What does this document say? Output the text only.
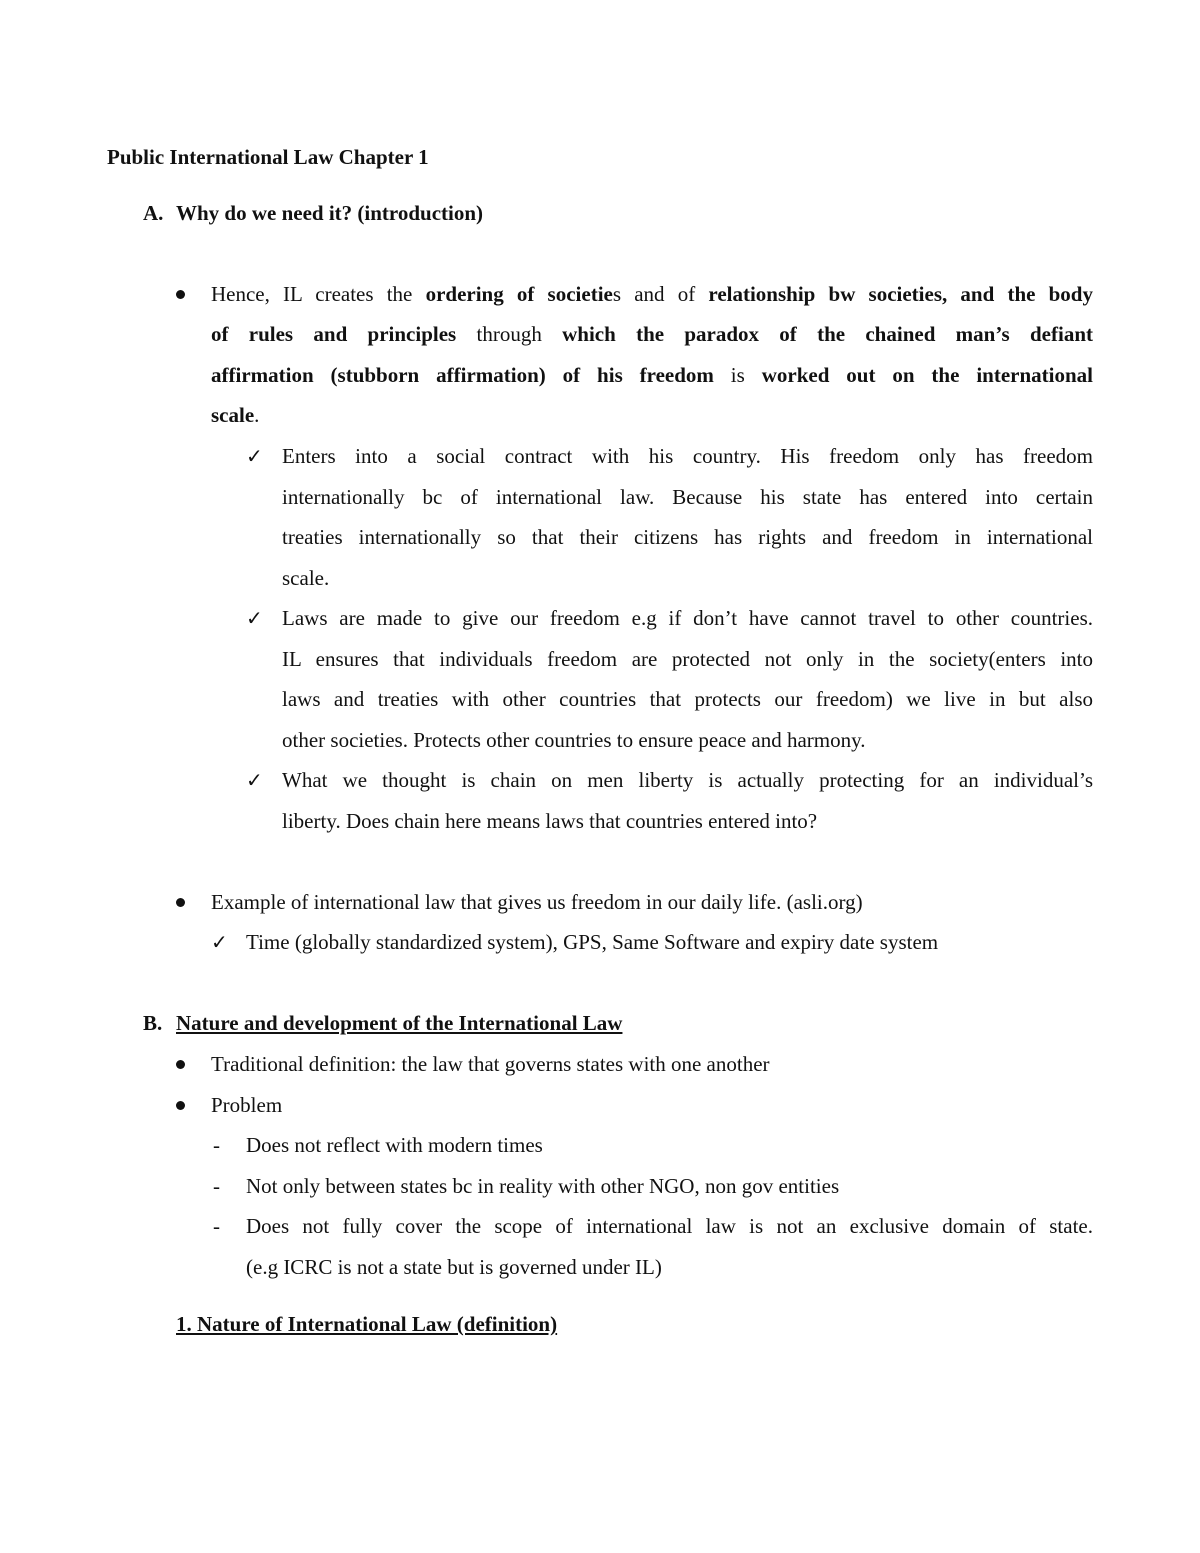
Public International Law Chapter 1
A. Why do we need it? (introduction)
Hence, IL creates the ordering of societies and of relationship bw societies, and the body
of rules and principles through which the paradox of the chained man’s defiant
affirmation (stubborn affirmation) of his freedom is worked out on the international
scale.
✓ Enters into a social contract with his country. His freedom only has freedom
internationally bc of international law. Because his state has entered into certain
treaties internationally so that their citizens has rights and freedom in international
scale.
✓ Laws are made to give our freedom e.g if don’t have cannot travel to other countries.
IL ensures that individuals freedom are protected not only in the society(enters into
laws and treaties with other countries that protects our freedom) we live in but also
other societies. Protects other countries to ensure peace and harmony.
✓ What we thought is chain on men liberty is actually protecting for an individual’s
liberty. Does chain here means laws that countries entered into?
Example of international law that gives us freedom in our daily life. (asli.org)
✓ Time (globally standardized system), GPS, Same Software and expiry date system
B. Nature and development of the International Law
Traditional definition: the law that governs states with one another
Problem
- Does not reflect with modern times
- Not only between states bc in reality with other NGO, non gov entities
- Does not fully cover the scope of international law is not an exclusive domain of state.
(e.g ICRC is not a state but is governed under IL)
1. Nature of International Law (definition)
